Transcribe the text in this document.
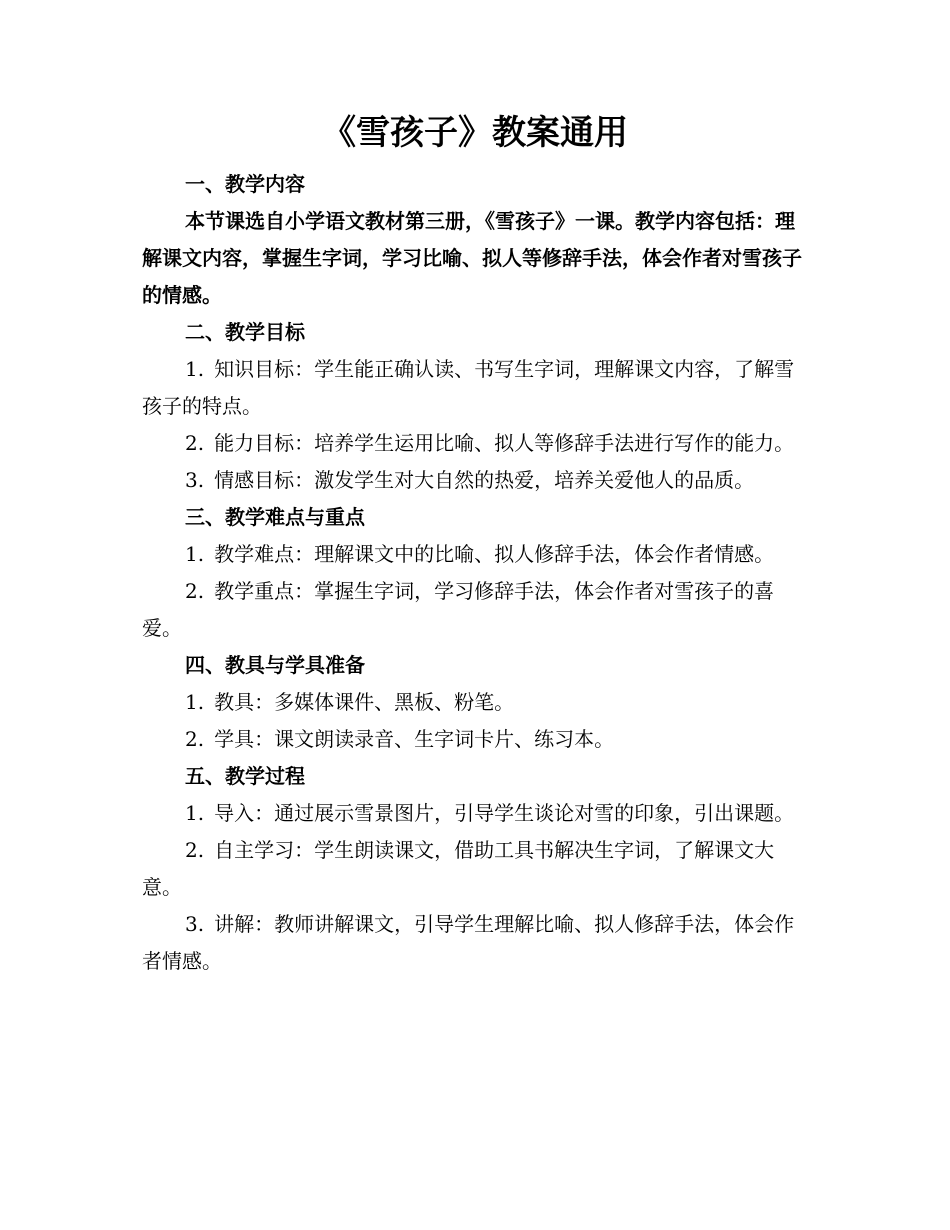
《雪孩子》教案通用

一、教学内容

本节课选自小学语文教材第三册，《雪孩子》一课。教学内容包括：理解课文内容，掌握生字词，学习比喻、拟人等修辞手法，体会作者对雪孩子的情感。

二、教学目标

1. 知识目标：学生能正确认读、书写生字词，理解课文内容，了解雪孩子的特点。

2. 能力目标：培养学生运用比喻、拟人等修辞手法进行写作的能力。

3. 情感目标：激发学生对大自然的热爱，培养关爱他人的品质。

三、教学难点与重点

1. 教学难点：理解课文中的比喻、拟人修辞手法，体会作者情感。

2. 教学重点：掌握生字词，学习修辞手法，体会作者对雪孩子的喜爱。

四、教具与学具准备

1. 教具：多媒体课件、黑板、粉笔。

2. 学具：课文朗读录音、生字词卡片、练习本。

五、教学过程

1. 导入：通过展示雪景图片，引导学生谈论对雪的印象，引出课题。

2. 自主学习：学生朗读课文，借助工具书解决生字词，了解课文大意。

3. 讲解：教师讲解课文，引导学生理解比喻、拟人修辞手法，体会作者情感。
